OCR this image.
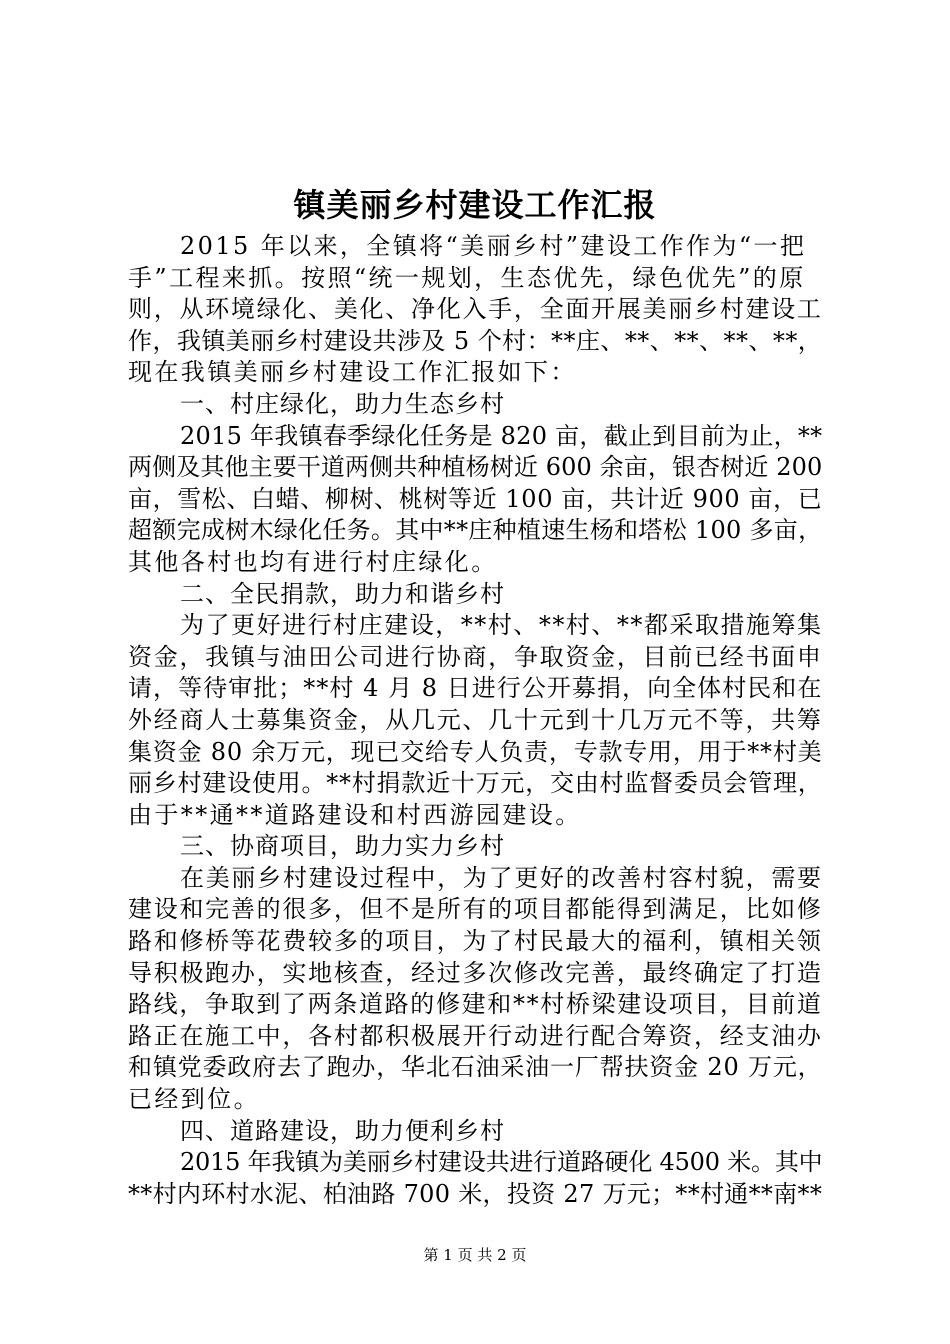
镇美丽乡村建设工作汇报
2015 年以来，全镇将“美丽乡村”建设工作作为“一把
手”工程来抓。按照“统一规划，生态优先，绿色优先”的原
则，从环境绿化、美化、净化入手，全面开展美丽乡村建设工
作，我镇美丽乡村建设共涉及 5 个村：**庄、**、**、**、**，
现在我镇美丽乡村建设工作汇报如下：
一、村庄绿化，助力生态乡村
2015 年我镇春季绿化任务是 820 亩，截止到目前为止，**
两侧及其他主要干道两侧共种植杨树近 600 余亩，银杏树近 200
亩，雪松、白蜡、柳树、桃树等近 100 亩，共计近 900 亩，已
超额完成树木绿化任务。其中**庄种植速生杨和塔松 100 多亩，
其他各村也均有进行村庄绿化。
二、全民捐款，助力和谐乡村
为了更好进行村庄建设，**村、**村、**都采取措施筹集
资金，我镇与油田公司进行协商，争取资金，目前已经书面申
请，等待审批；**村 4 月 8 日进行公开募捐，向全体村民和在
外经商人士募集资金，从几元、几十元到十几万元不等，共筹
集资金 80 余万元，现已交给专人负责，专款专用，用于**村美
丽乡村建设使用。**村捐款近十万元，交由村监督委员会管理，
由于**通**道路建设和村西游园建设。
三、协商项目，助力实力乡村
在美丽乡村建设过程中，为了更好的改善村容村貌，需要
建设和完善的很多，但不是所有的项目都能得到满足，比如修
路和修桥等花费较多的项目，为了村民最大的福利，镇相关领
导积极跑办，实地核查，经过多次修改完善，最终确定了打造
路线，争取到了两条道路的修建和**村桥梁建设项目，目前道
路正在施工中，各村都积极展开行动进行配合筹资，经支油办
和镇党委政府去了跑办，华北石油采油一厂帮扶资金 20 万元，
已经到位。
四、道路建设，助力便利乡村
2015 年我镇为美丽乡村建设共进行道路硬化 4500 米。其中
**村内环村水泥、柏油路 700 米，投资 27 万元；**村通**南**
第 1 页 共 2 页
